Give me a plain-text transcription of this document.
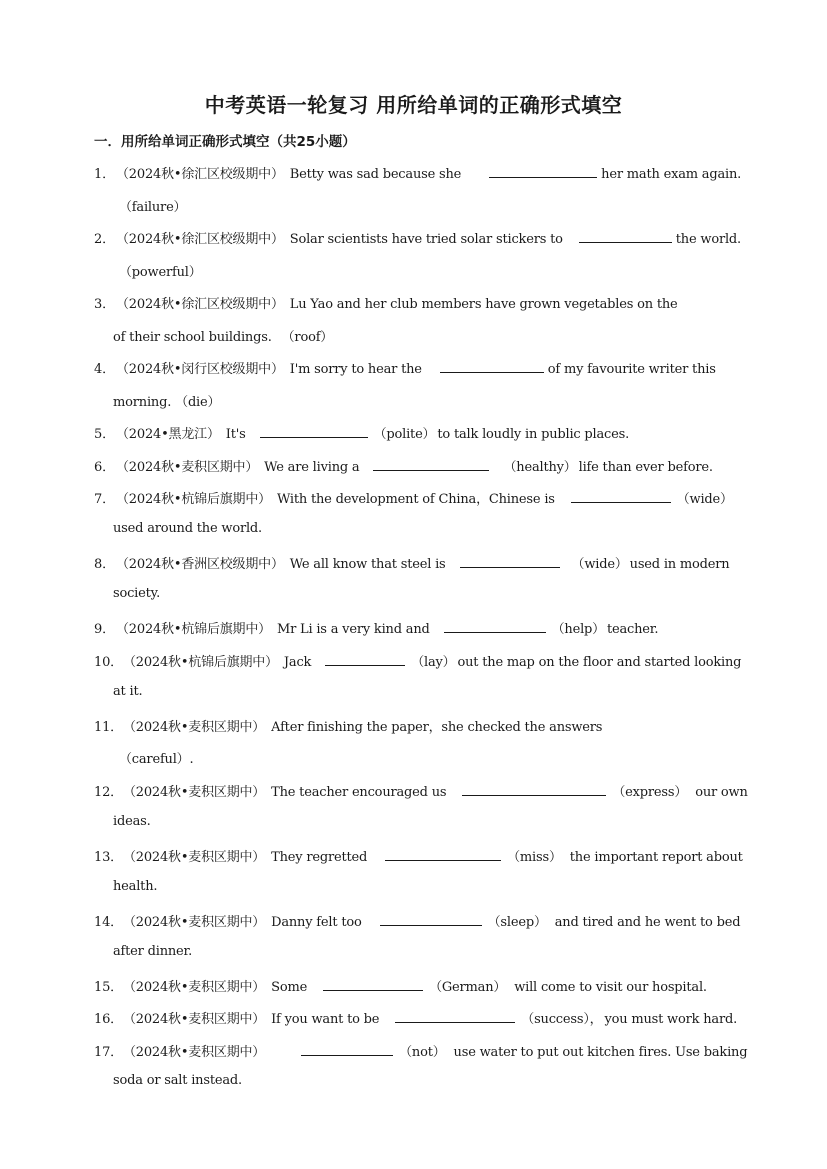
中考英语一轮复习 用所给单词的正确形式填空
一．用所给单词正确形式填空（共25小题）
1．（2024秋•徐汇区校级期中） Betty was sad because she	her math exam again.
（failure）
2．（2024秋•徐汇区校级期中） Solar scientists have tried solar stickers to	the world.
（powerful）
3．（2024秋•徐汇区校级期中） Lu Yao and her club members have grown vegetables on the
of their school buildings. （roof）
4．（2024秋•闵行区校级期中） I'm sorry to hear the	of my favourite writer this
morning. （die）
5．（2024•黑龙江） It's	（polite） to talk loudly in public places.
6．（2024秋•麦积区期中） We are living a	（healthy） life than ever before.
7．（2024秋•杭锦后旗期中） With the development of China，Chinese is	（wide）
used around the world.
8．（2024秋•香洲区校级期中） We all know that steel is	（wide） used in modern
society.
9．（2024秋•杭锦后旗期中） Mr Li is a very kind and	（help） teacher.
10．（2024秋•杭锦后旗期中） Jack	（lay） out the map on the floor and started looking
at it.
11．（2024秋•麦积区期中） After finishing the paper，she checked the answers
（careful）.
12．（2024秋•麦积区期中） The teacher encouraged us	（express） our own
ideas.
13．（2024秋•麦积区期中） They regretted	（miss） the important report about
health.
14．（2024秋•麦积区期中） Danny felt too	（sleep） and tired and he went to bed
after dinner.
15．（2024秋•麦积区期中） Some	（German） will come to visit our hospital.
16．（2024秋•麦积区期中） If you want to be	（success）， you must work hard.
17．（2024秋•麦积区期中）	（not） use water to put out kitchen fires. Use baking
soda or salt instead.
